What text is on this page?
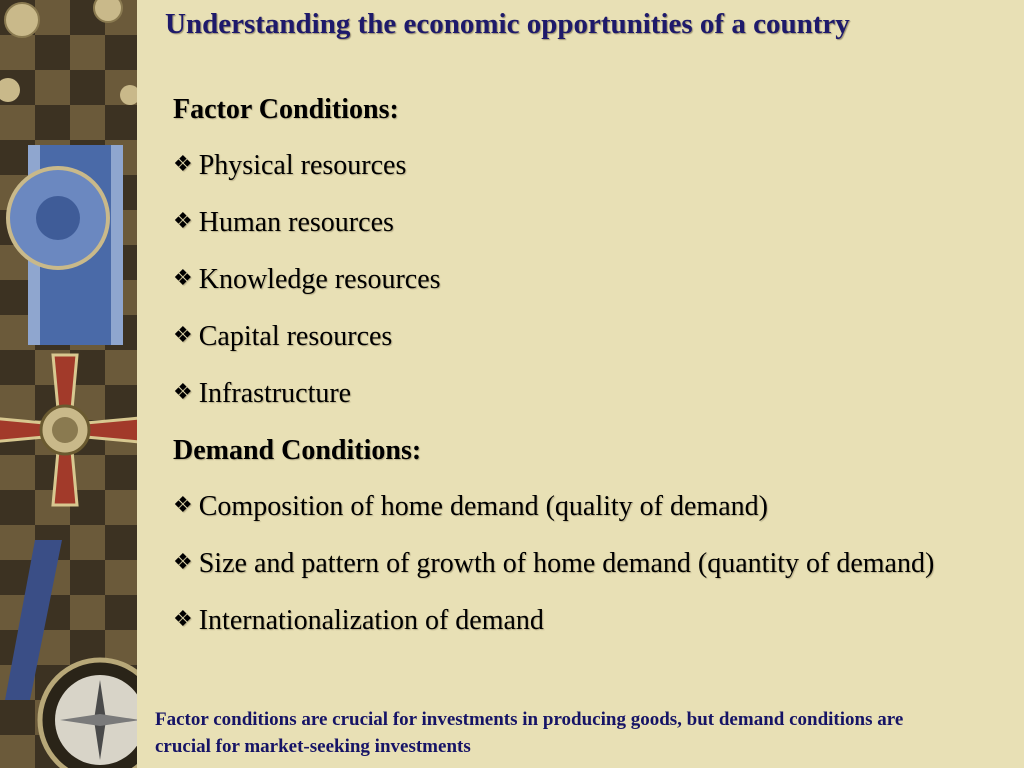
Understanding the economic opportunities of a country

Factor Conditions:

❖ Physical resources

❖ Human resources

❖ Knowledge resources

❖ Capital resources

❖ Infrastructure

Demand Conditions:

❖ Composition of home demand (quality of demand)

❖ Size and pattern of growth of home demand (quantity of demand)

❖ Internationalization of demand

Factor conditions are crucial for investments in producing goods, but demand conditions are crucial for market-seeking investments
